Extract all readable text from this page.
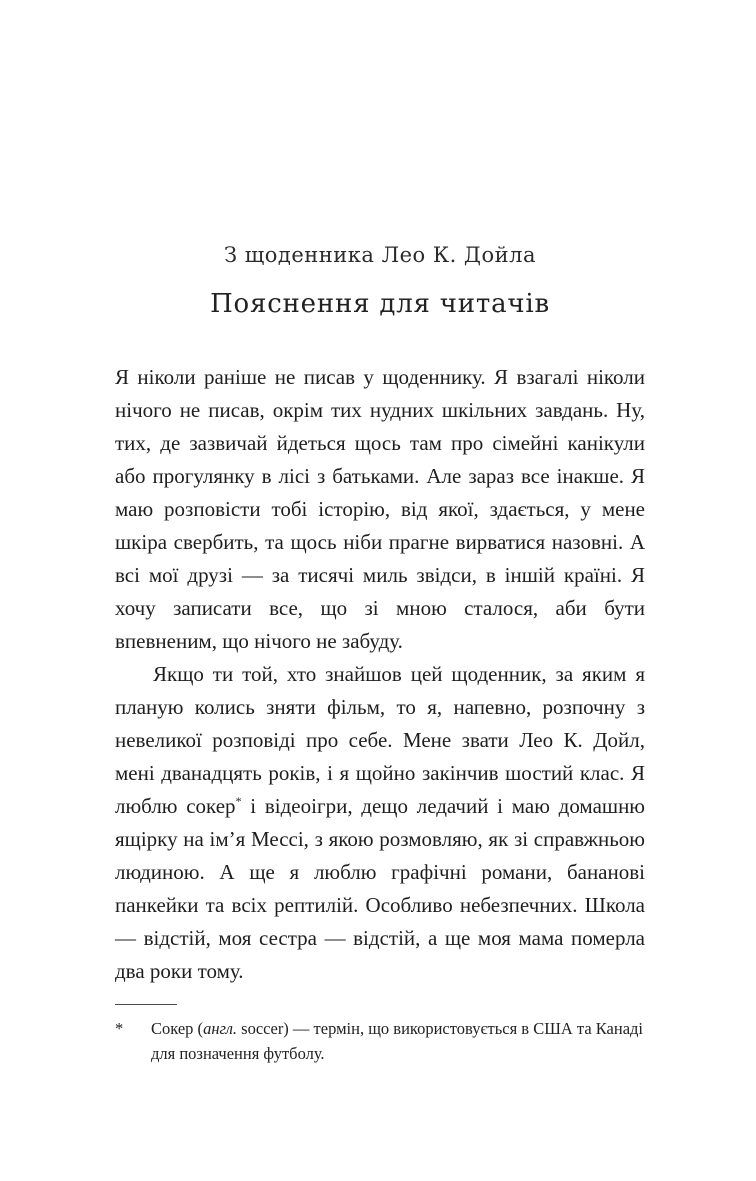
З щоденника Лео К. Дойла
Пояснення для читачів

Я ніколи раніше не писав у щоденнику. Я взагалі ніколи нічого не писав, окрім тих нудних шкільних завдань. Ну, тих, де зазвичай йдеться щось там про сімейні канікули або прогулянку в лісі з батьками. Але зараз все інакше. Я маю розповісти тобі історію, від якої, здається, у мене шкіра свербить, та щось ніби прагне вирватися назовні. А всі мої друзі — за тисячі миль звідси, в іншій країні. Я хочу записати все, що зі мною сталося, аби бути впевненим, що нічого не забуду.

Якщо ти той, хто знайшов цей щоденник, за яким я планую колись зняти фільм, то я, напевно, розпочну з невеликої розповіді про себе. Мене звати Лео К. Дойл, мені дванадцять років, і я щойно закінчив шостий клас. Я люблю сокер* і відеоігри, дещо ледачий і маю домашню ящірку на ім’я Мессі, з якою розмовляю, як зі справжньою людиною. А ще я люблю графічні романи, бананові панкейки та всіх рептилій. Особливо небезпечних. Школа — відстій, моя сестра — відстій, а ще моя мама померла два роки тому.

*	Сокер (англ. soccer) — термін, що використовується в США та Канаді для позначення футболу.
